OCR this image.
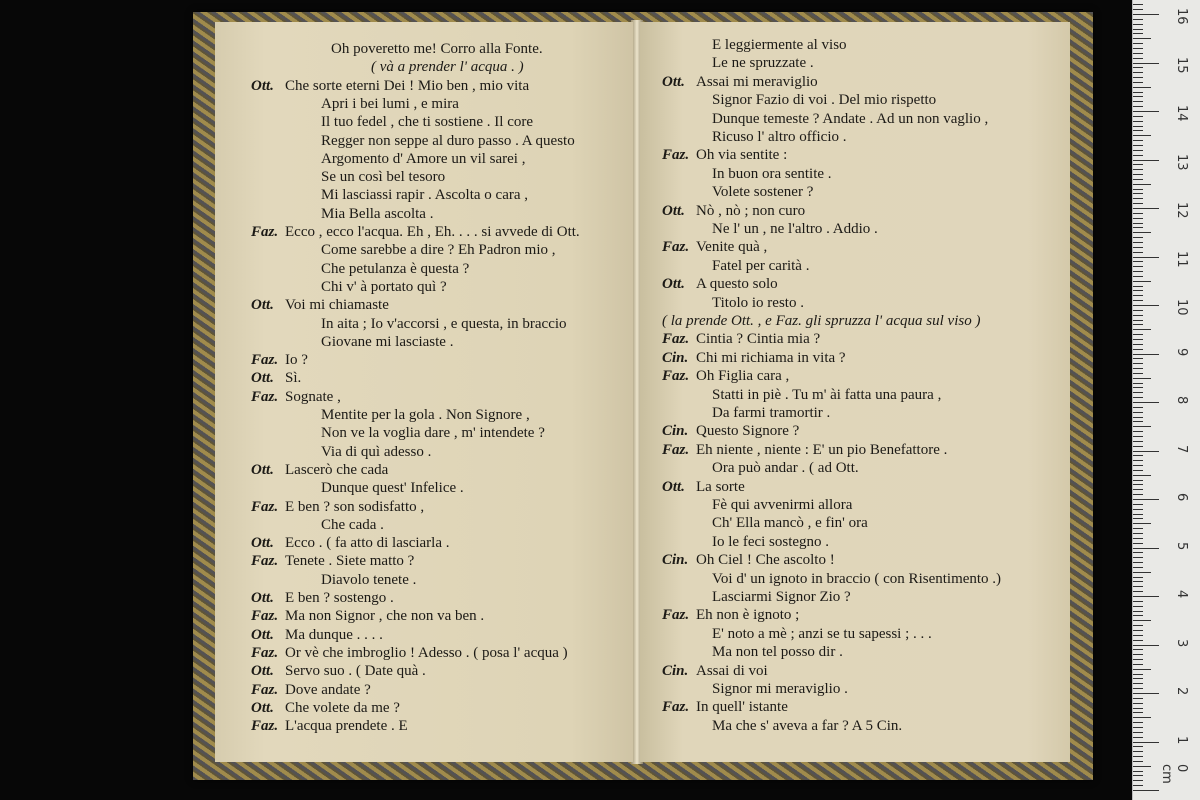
Oh poveretto me! Corro alla Fonte.
( và a prender l' acqua . )
Ott. Che sorte eterni Dei ! Mio ben , mio vita
Apri i bei lumi , e mira
Il tuo fedel , che ti sostiene . Il core
Regger non seppe al duro passo . A questo
Argomento d' Amore un vil sarei ,
Se un così bel tesoro
Mi lasciassi rapir . Ascolta o cara ,
Mia Bella ascolta .
Faz. Ecco , ecco l'acqua. Eh , Eh. . . . si avvede di Ott.
Come sarebbe a dire ? Eh Padron mio ,
Che petulanza è questa ?
Chi v' à portato quì ?
Ott. Voi mi chiamaste
In aita ; Io v'accorsi , e questa, in braccio
Giovane mi lasciaste .
Faz. Io ?
Ott. Sì.
Faz. Sognate ,
Mentite per la gola . Non Signore ,
Non ve la voglia dare , m' intendete ?
Via di quì adesso .
Ott. Lascerò che cada
Dunque quest' Infelice .
Faz. E ben ? son sodisfatto ,
Che cada .
Ott. Ecco . ( fa atto di lasciarla .
Faz. Tenete . Siete matto ?
Diavolo tenete .
Ott. E ben ? sostengo .
Faz. Ma non Signor , che non va ben .
Ott. Ma dunque . . . .
Faz. Or vè che imbroglio ! Adesso . ( posa l' acqua )
Ott. Servo suo . ( Date quà .
Faz. Dove andate ?
Ott. Che volete da me ?
Faz. L'acqua prendete . E
E leggiermente al viso
Le ne spruzzate .
Ott. Assai mi meraviglio
Signor Fazio di voi . Del mio rispetto
Dunque temeste ? Andate . Ad un non vaglio ,
Ricuso l' altro officio .
Faz. Oh via sentite :
In buon ora sentite .
Volete sostener ?
Ott. Nò , nò ; non curo
Ne l' un , ne l'altro . Addio .
Faz. Venite quà ,
Fatel per carità .
Ott. A questo solo
Titolo io resto .
( la prende Ott. , e Faz. gli spruzza l' acqua sul viso )
Faz. Cintia ? Cintia mia ?
Cin. Chi mi richiama in vita ?
Faz. Oh Figlia cara ,
Statti in piè . Tu m' ài fatta una paura ,
Da farmi tramortir .
Cin. Questo Signore ?
Faz. Eh niente , niente : E' un pio Benefattore .
Ora può andar . ( ad Ott.
Ott. La sorte
Fè qui avvenirmi allora
Ch' Ella mancò , e fin' ora
Io le feci sostegno .
Cin. Oh Ciel ! Che ascolto !
Voi d' un ignoto in braccio ( con Risentimento .)
Lasciarmi Signor Zio ?
Faz. Eh non è ignoto ;
E' noto a mè ; anzi se tu sapessi ; . . .
Ma non tel posso dir .
Cin. Assai di voi
Signor mi meraviglio .
Faz. In quell' istante
Ma che s' aveva a far ? A 5 Cin.
0 cm
1
2
3
4
5
6
7
8
9
10
11
12
13
14
15
16
